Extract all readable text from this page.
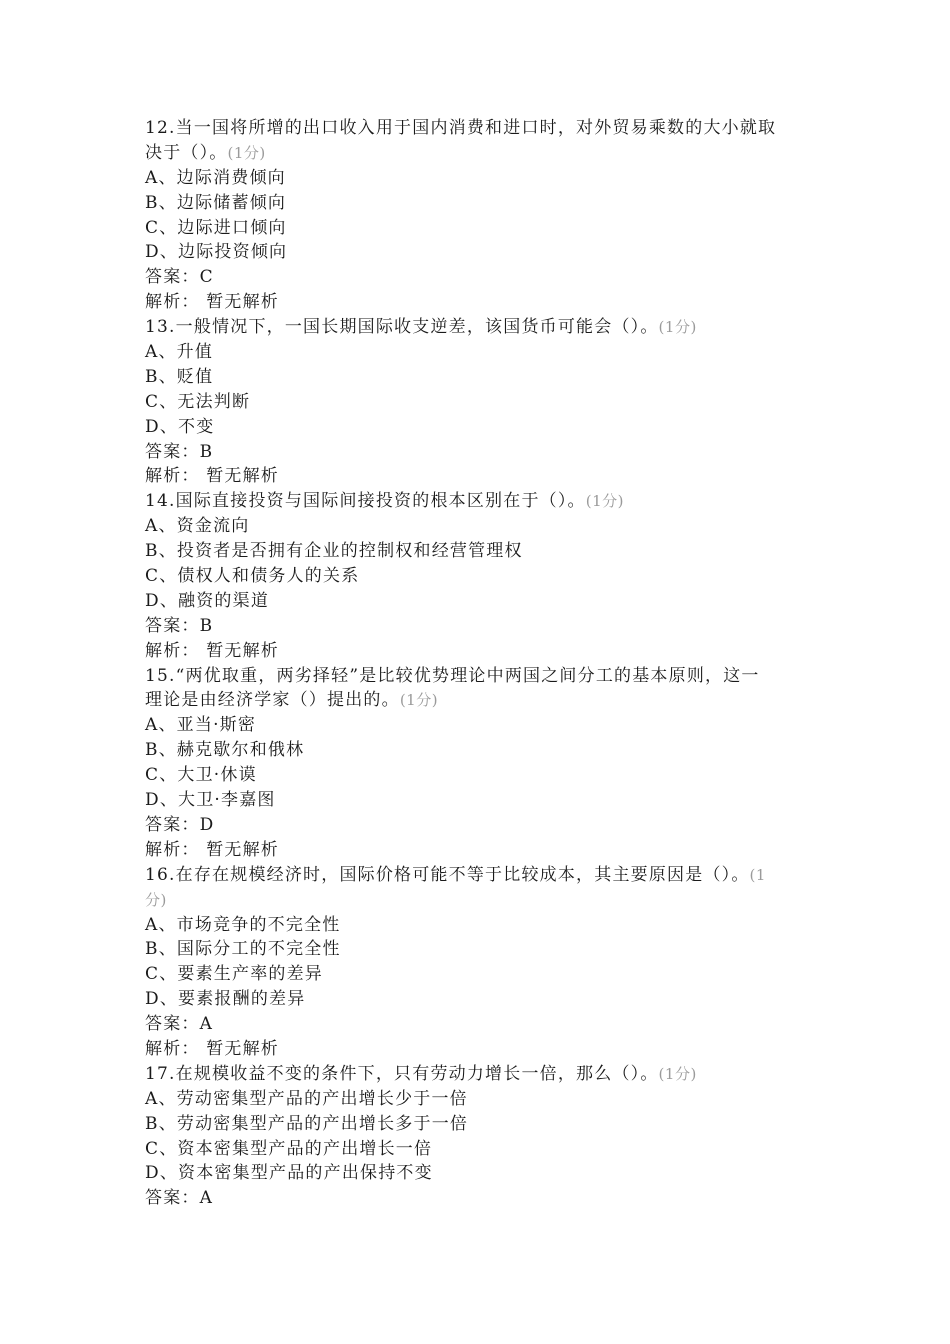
12.当一国将所增的出口收入用于国内消费和进口时，对外贸易乘数的大小就取
决于（）。(1分)
A、边际消费倾向
B、边际储蓄倾向
C、边际进口倾向
D、边际投资倾向
答案：C
解析： 暂无解析
13.一般情况下，一国长期国际收支逆差，该国货币可能会（）。(1分)
A、升值
B、贬值
C、无法判断
D、不变
答案：B
解析： 暂无解析
14.国际直接投资与国际间接投资的根本区别在于（）。(1分)
A、资金流向
B、投资者是否拥有企业的控制权和经营管理权
C、债权人和债务人的关系
D、融资的渠道
答案：B
解析： 暂无解析
15.“两优取重，两劣择轻”是比较优势理论中两国之间分工的基本原则，这一
理论是由经济学家（）提出的。(1分)
A、亚当·斯密
B、赫克歇尔和俄林
C、大卫·休谟
D、大卫·李嘉图
答案：D
解析： 暂无解析
16.在存在规模经济时，国际价格可能不等于比较成本，其主要原因是（）。(1
分)
A、市场竞争的不完全性
B、国际分工的不完全性
C、要素生产率的差异
D、要素报酬的差异
答案：A
解析： 暂无解析
17.在规模收益不变的条件下，只有劳动力增长一倍，那么（）。(1分)
A、劳动密集型产品的产出增长少于一倍
B、劳动密集型产品的产出增长多于一倍
C、资本密集型产品的产出增长一倍
D、资本密集型产品的产出保持不变
答案：A
